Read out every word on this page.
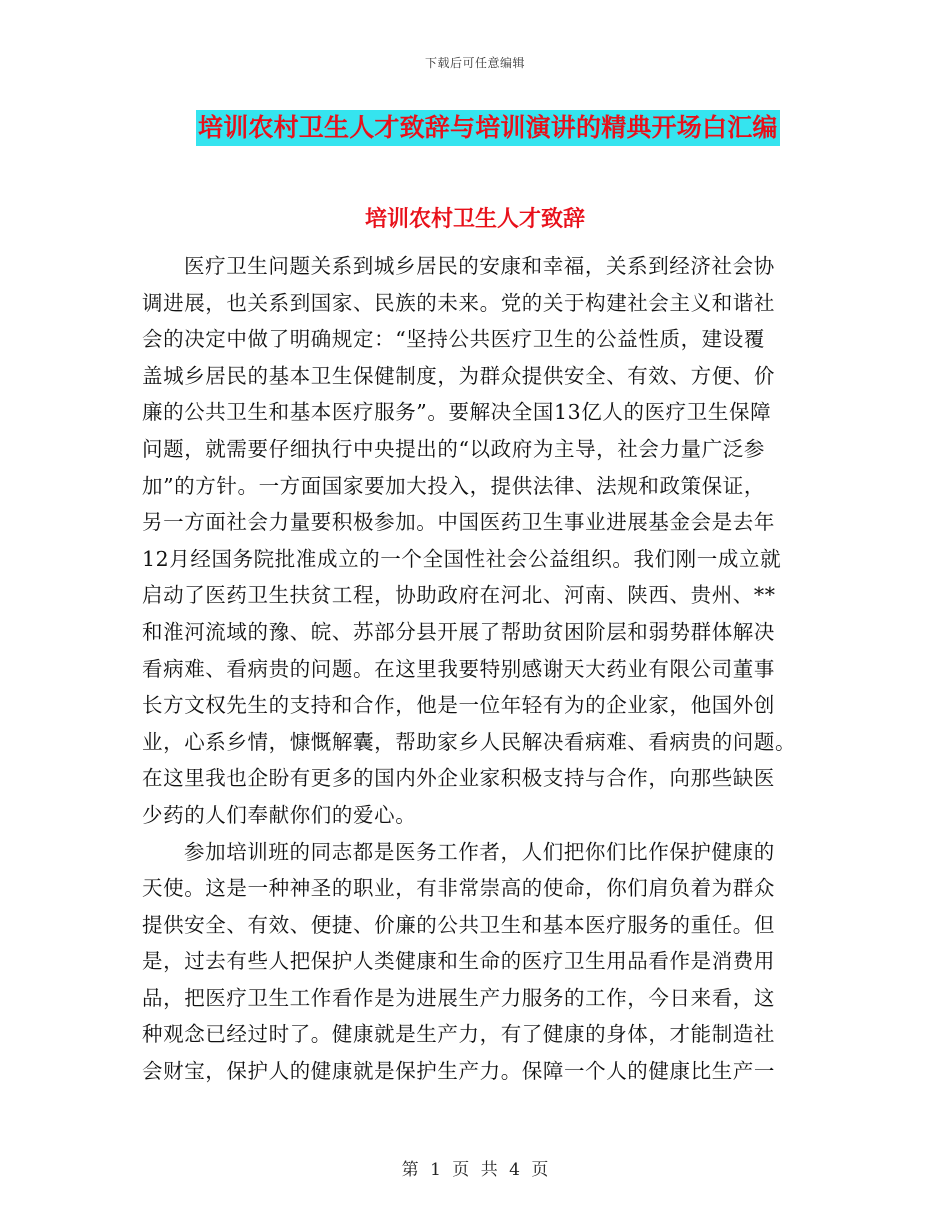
下载后可任意编辑
培训农村卫生人才致辞与培训演讲的精典开场白汇编
培训农村卫生人才致辞
医疗卫生问题关系到城乡居民的安康和幸福，关系到经济社会协
调进展，也关系到国家、民族的未来。党的关于构建社会主义和谐社
会的决定中做了明确规定：“坚持公共医疗卫生的公益性质，建设覆
盖城乡居民的基本卫生保健制度，为群众提供安全、有效、方便、价
廉的公共卫生和基本医疗服务”。要解决全国13亿人的医疗卫生保障
问题，就需要仔细执行中央提出的“以政府为主导，社会力量广泛参
加”的方针。一方面国家要加大投入，提供法律、法规和政策保证，
另一方面社会力量要积极参加。中国医药卫生事业进展基金会是去年
12月经国务院批准成立的一个全国性社会公益组织。我们刚一成立就
启动了医药卫生扶贫工程，协助政府在河北、河南、陕西、贵州、**
和淮河流域的豫、皖、苏部分县开展了帮助贫困阶层和弱势群体解决
看病难、看病贵的问题。在这里我要特别感谢天大药业有限公司董事
长方文权先生的支持和合作，他是一位年轻有为的企业家，他国外创
业，心系乡情，慷慨解囊，帮助家乡人民解决看病难、看病贵的问题。
在这里我也企盼有更多的国内外企业家积极支持与合作，向那些缺医
少药的人们奉献你们的爱心。
参加培训班的同志都是医务工作者，人们把你们比作保护健康的
天使。这是一种神圣的职业，有非常崇高的使命，你们肩负着为群众
提供安全、有效、便捷、价廉的公共卫生和基本医疗服务的重任。但
是，过去有些人把保护人类健康和生命的医疗卫生用品看作是消费用
品，把医疗卫生工作看作是为进展生产力服务的工作，今日来看，这
种观念已经过时了。健康就是生产力，有了健康的身体，才能制造社
会财宝，保护人的健康就是保护生产力。保障一个人的健康比生产一
第 1 页 共 4 页
